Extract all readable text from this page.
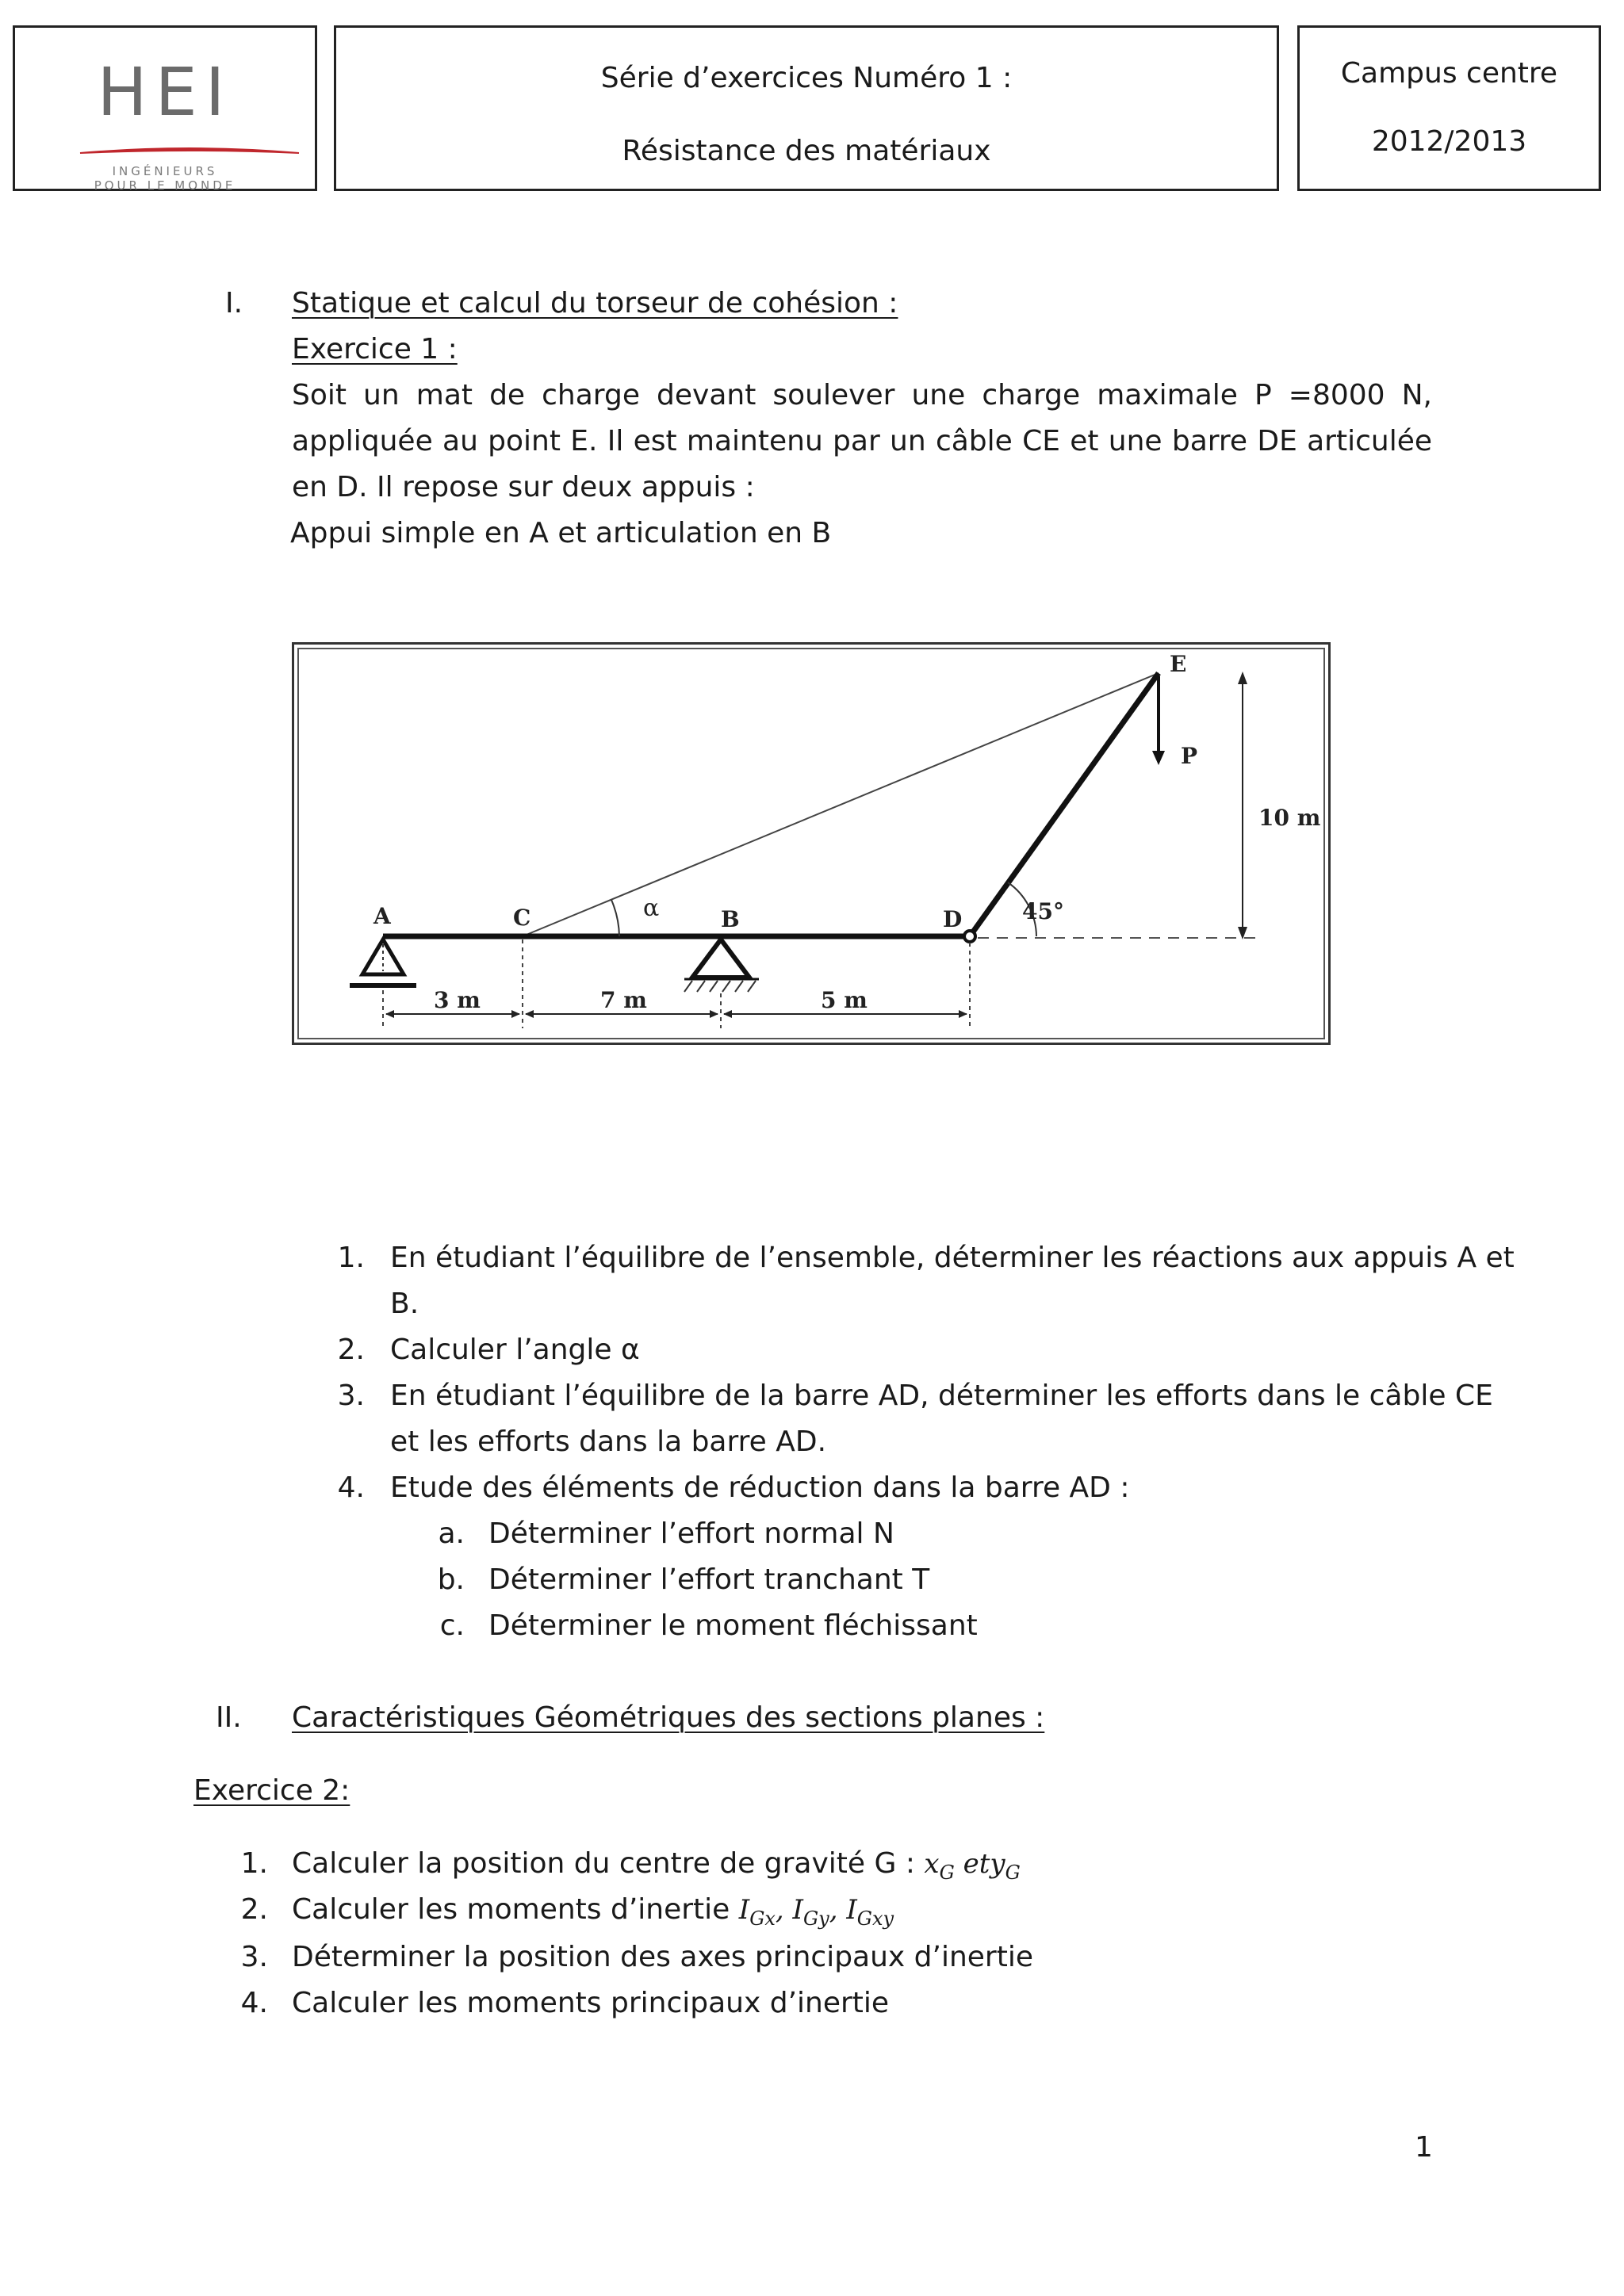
HEI
INGÉNIEURS
POUR LE MONDE
Série d’exercices Numéro 1 :
Résistance des matériaux
Campus centre
2012/2013
I. Statique et calcul du torseur de cohésion :
Exercice 1 :
Soit un mat de charge devant soulever une charge maximale P =8000 N, appliquée au point E. Il est maintenu par un câble CE et une barre DE articulée en D. Il repose sur deux appuis :
Appui simple en A et articulation en B
A	C	B	D
E
P
α	45°
10 m
3 m	7 m	5 m
1. En étudiant l’équilibre de l’ensemble, déterminer les réactions aux appuis A et
B.
2. Calculer l’angle α
3. En étudiant l’équilibre de la barre AD, déterminer les efforts dans le câble CE
et les efforts dans la barre AD.
4. Etude des éléments de réduction dans la barre AD :
a. Déterminer l’effort normal N
b. Déterminer l’effort tranchant T
c. Déterminer le moment fléchissant
II. Caractéristiques Géométriques des sections planes :
Exercice 2:
1. Calculer la position du centre de gravité G : $x_G$ ety$_G$
2. Calculer les moments d’inertie $I_{Gx}$, $I_{Gy}$, $I_{Gxy}$
3. Déterminer la position des axes principaux d’inertie
4. Calculer les moments principaux d’inertie
1
